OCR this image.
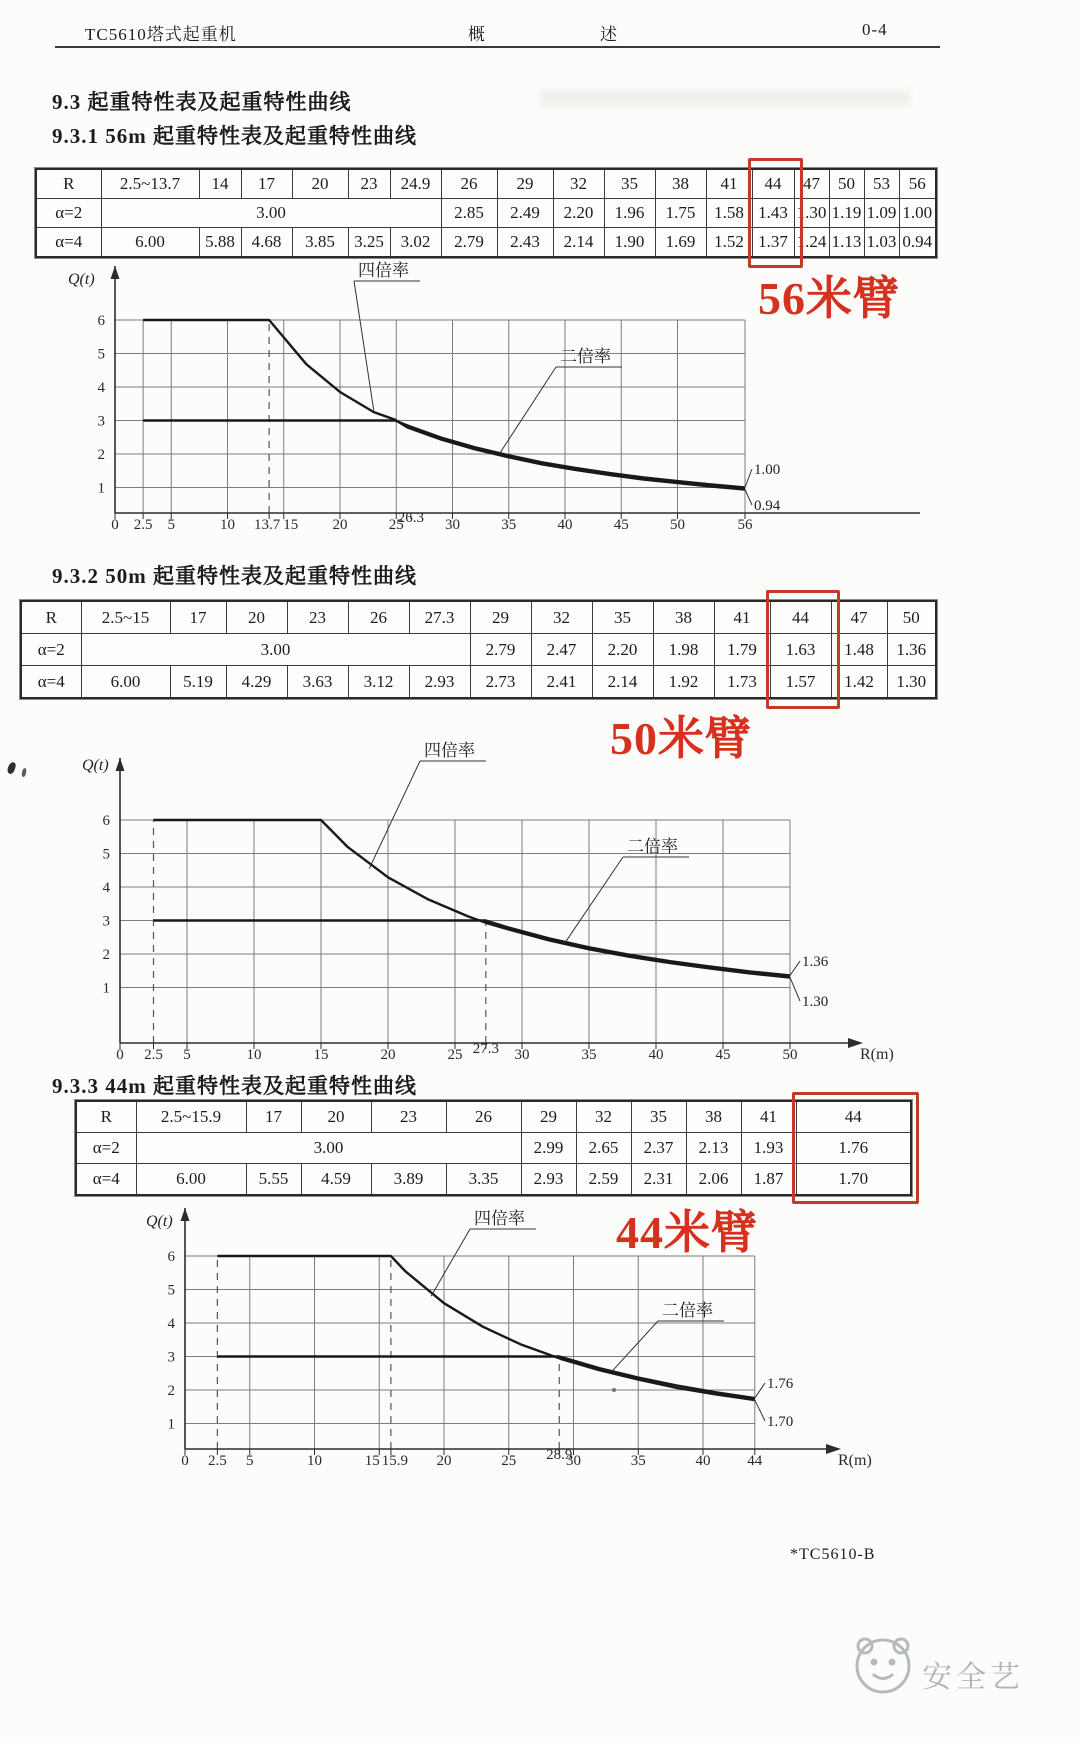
TC5610塔式起重机	概	述	0-4
9.3 起重特性表及起重特性曲线
9.3.1 56m 起重特性表及起重特性曲线
9.3.2 50m 起重特性表及起重特性曲线
9.3.3 44m 起重特性表及起重特性曲线
R	2.5~13.7	14	17	20	23	24.9	26	29	32	35	38	41	44	47	50	53	56
α=2	3.00						2.85	2.49	2.20	1.96	1.75	1.58	1.43	1.30	1.19	1.09	1.00
α=4	6.00	5.88	4.68	3.85	3.25	3.02	2.79	2.43	2.14	1.90	1.69	1.52	1.37	1.24	1.13	1.03	0.94
R	2.5~15	17	20	23	26	27.3	29	32	35	38	41	44	47	50
α=2	3.00						2.79	2.47	2.20	1.98	1.79	1.63	1.48	1.36
α=4	6.00	5.19	4.29	3.63	3.12	2.93	2.73	2.41	2.14	1.92	1.73	1.57	1.42	1.30
R	2.5~15.9	17	20	23	26	29	32	35	38	41	44
α=2	3.00					2.99	2.65	2.37	2.13	1.93	1.76
α=4	6.00	5.55	4.59	3.89	3.35	2.93	2.59	2.31	2.06	1.87	1.70
0 2.5 5	10 13.7 15 20	25
26.3 30	35	40	45	50	56
6
5
4
3
2
1
Q(t)	四倍率
二倍率
1.00
0.94
56米臂
0 2.5 5	10	15	20	25 27.3 30	35	40	45	50
6
5
4
3
2
1
R(m)
Q(t)
四倍率
二倍率
1.36
1.30
50米臂
0 2.5 5	10	15 15.9 20	25 28.9
30	35	40 44
6
5
4
3
2
1
R(m)
Q(t)	四倍率
二倍率
1.76
1.70
44米臂
*TC5610-B
安全艺
